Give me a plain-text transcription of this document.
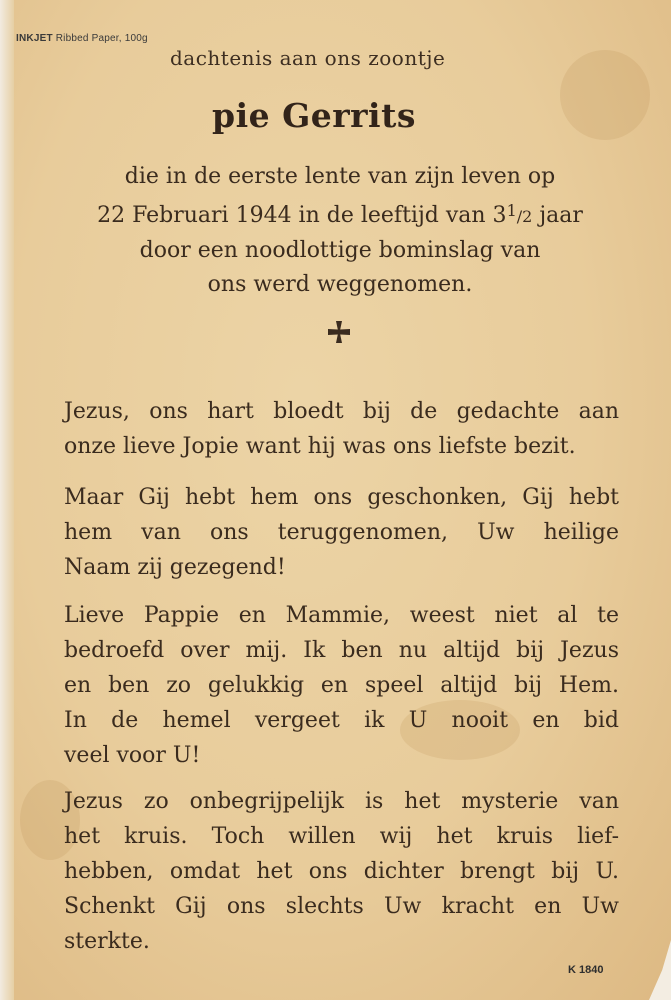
INKJET Ribbed Paper, 100g
dachtenis aan ons zoontje
pie Gerrits
die in de eerste lente van zijn leven op
22 Februari 1944 in de leeftijd van $3^1/2$ jaar
door een noodlottige bominslag van
ons werd weggenomen.
Jezus, ons hart bloedt bij de gedachte aan
onze lieve Jopie want hij was ons liefste bezit.
Maar Gij hebt hem ons geschonken, Gij hebt
hem van ons teruggenomen, Uw heilige
Naam zij gezegend!
Lieve Pappie en Mammie, weest niet al te
bedroefd over mij. Ik ben nu altijd bij Jezus
en ben zo gelukkig en speel altijd bij Hem.
In de hemel vergeet ik U nooit en bid
veel voor U!
Jezus zo onbegrijpelijk is het mysterie van
het kruis. Toch willen wij het kruis lief-
hebben, omdat het ons dichter brengt bij U.
Schenkt Gij ons slechts Uw kracht en Uw
sterkte.
K 1840
